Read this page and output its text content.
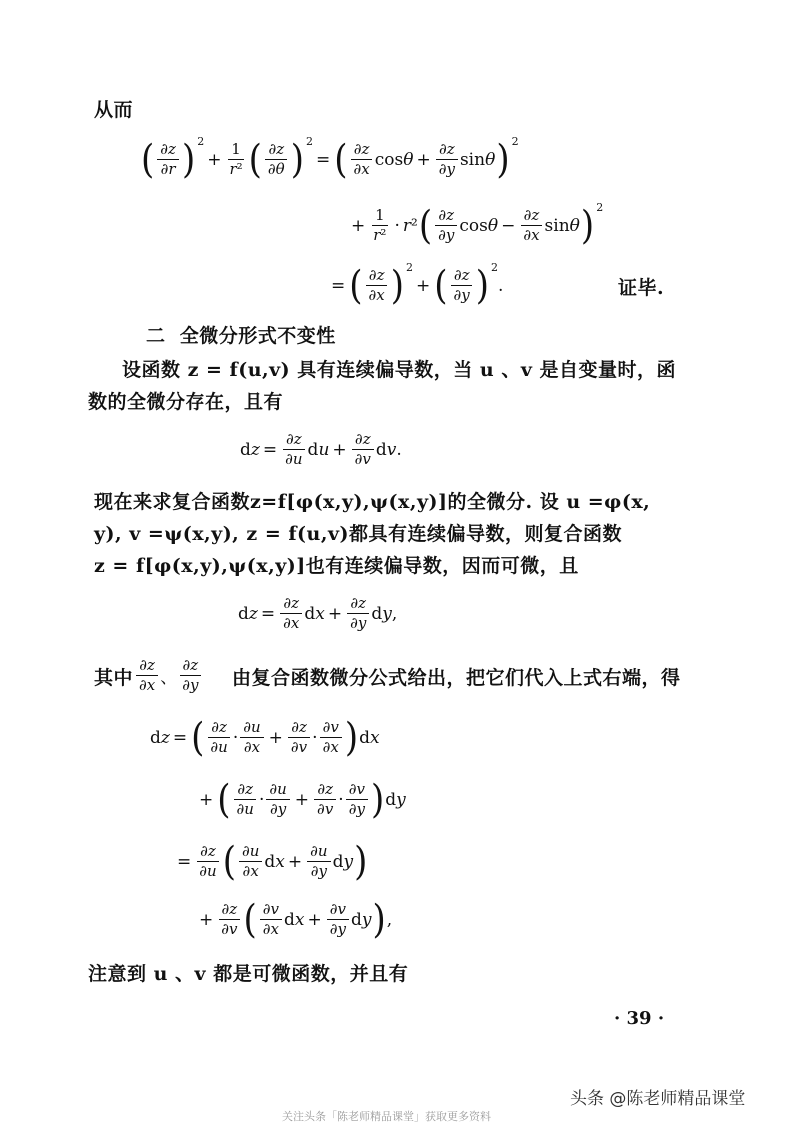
从而
( $\frac{\partial z}{\partial r}$ ) 2
+ $\frac{1}{\text{r²}}$ ( $\frac{\partial z}{\partial\theta}$ ) 2
= ( $\frac{\partial z}{\partial x}$ $\cos \theta + \frac{\partial z}{\partial y}$ sin θ ) 2
+ $\frac{1}{\text{r²}} \cdot r$ ² ( $\frac{\partial z}{\partial y}$ $\cos \theta - \frac{\partial z}{\partial x}$ sin θ ) 2
= ( $\frac{\partial z}{\partial x}$ ) 2
+ ( $\frac{\partial z}{\partial y}$ ) 2
.	证毕.
二  全微分形式不变性
设函数 z = f(u,v) 具有连续偏导数，当 u 、v 是自变量时，函
数的全微分存在，且有
d $z = \frac{\partial z}{\partial u}$ d $u + \frac{\partial z}{\partial v}$ d v .
现在来求复合函数z=f[φ(x,y),ψ(x,y)]的全微分. 设 u =φ(x,
y), v =ψ(x,y), z = f(u,v)都具有连续偏导数，则复合函数
z = f[φ(x,y),ψ(x,y)]也有连续偏导数，因而可微，且
d $z = \frac{\partial z}{\partial x}$ d $x + \frac{\partial z}{\partial y}$ d y ,
其中 $\frac{\partial z}{\partial x}$ 、 $\frac{\partial z}{\partial y}$ 由复合函数微分公式给出，把它们代入上式右端，得
d z = ( $\frac{\partial z}{\partial u} \cdot \frac{\partial u}{\partial x} + \frac{\partial z}{\partial v} \cdot \frac{\partial v}{\partial x}$ ) d x
+ ( $\frac{\partial z}{\partial u} \cdot \frac{\partial u}{\partial y} + \frac{\partial z}{\partial v} \cdot \frac{\partial v}{\partial y}$ ) d y
= $\frac{\partial z}{\partial u}$ ( $\frac{\partial u}{\partial x}$ d $x + \frac{\partial u}{\partial y}$ d y )
+ $\frac{\partial z}{\partial v}$ ( $\frac{\partial v}{\partial x}$ d $x + \frac{\partial v}{\partial y}$ d y ) ,
注意到 u 、v 都是可微函数，并且有
· 39 ·
头条 @陈老师精品课堂
关注头条「陈老师精品课堂」获取更多资料
